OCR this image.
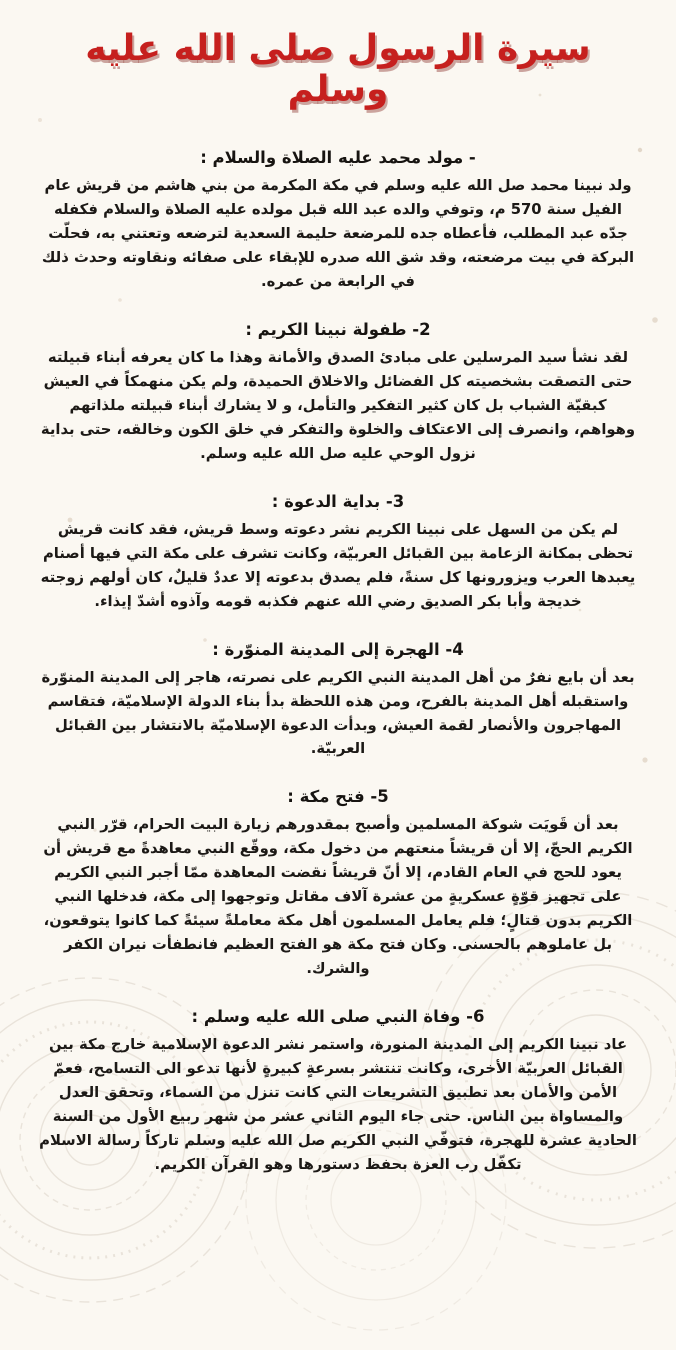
سيرة الرسول صلى الله عليه وسلم
- مولد محمد عليه الصلاة والسلام :

ولد نبينا محمد صل الله عليه وسلم في مكة المكرمة من بني هاشم من قريش عام الفيل سنة 570 م، وتوفي والده عبد الله قبل مولده عليه الصلاة والسلام فكفله جدّه عبد المطلب، فأعطاه جده للمرضعة حليمة السعدية لترضعه وتعتني به، فحلّت البركة في بيت مرضعته، وقد شق الله صدره للإبقاء على صفائه ونقاوته وحدث ذلك في الرابعة من عمره.

2- طفولة نبينا الكريم :

لقد نشأ سيد المرسلين على مبادئ الصدق والأمانة وهذا ما كان يعرفه أبناء قبيلته حتى التصقت بشخصيته كل الفضائل والاخلاق الحميدة، ولم يكن منهمكاً في العيش كبقيّة الشباب بل كان كثير التفكير والتأمل، و لا يشارك أبناء قبيلته ملذاتهم وهواهم، وانصرف إلى الاعتكاف والخلوة والتفكر في خلق الكون وخالقه، حتى بداية نزول الوحي عليه صل الله عليه وسلم.

3- بداية الدعوة :

لم يكن من السهل على نبينا الكريم نشر دعوته وسط قريش، فقد كانت قريش تحظى بمكانة الزعامة بين القبائل العربيّة، وكانت تشرف على مكة التي فيها أصنام يعبدها العرب ويزورونها كل سنةً، فلم يصدق بدعوته إلا عددٌ قليلٌ، كان أولهم زوجته خديجة وأبا بكر الصديق رضي الله عنهم فكذبه قومه وآذوه أشدّ إيذاء.

4- الهجرة إلى المدينة المنوّرة :

بعد أن بايع نفرٌ من أهل المدينة النبي الكريم على نصرته، هاجر إلى المدينة المنوّرة واستقبله أهل المدينة بالفرح، ومن هذه اللحظة بدأ بناء الدولة الإسلاميّة، فتقاسم المهاجرون والأنصار لقمة العيش، وبدأت الدعوة الإسلاميّة بالانتشار بين القبائل العربيّة.

5- فتح مكة :

بعد أن قَويَت شوكة المسلمين وأصبح بمقدورهم زيارة البيت الحرام، قرّر النبي الكريم الحجّ، إلا أن قريشاً منعتهم من دخول مكة، ووقّع النبي معاهدةً مع قريش أن يعود للحج في العام القادم، إلا أنّ قريشاً نقضت المعاهدة ممّا أجبر النبي الكريم على تجهيز قوّةٍ عسكريةٍ من عشرة آلاف مقاتل وتوجهوا إلى مكة، فدخلها النبي الكريم بدون قتالٍ؛ فلم يعامل المسلمون أهل مكة معاملةً سيئةً كما كانوا يتوقعون، بل عاملوهم بالحسنى. وكان فتح مكة هو الفتح العظيم فانطفأت نيران الكفر والشرك.

6- وفاة النبي صلى الله عليه وسلم :

عاد نبينا الكريم إلى المدينة المنورة، واستمر نشر الدعوة الإسلامية خارج مكة بين القبائل العربيّة الأخرى، وكانت تنتشر بسرعةٍ كبيرةٍ لأنها تدعو الى التسامح، فعمّ الأمن والأمان بعد تطبيق التشريعات التي كانت تنزل من السماء، وتحقق العدل والمساواة بين الناس. حتى جاء اليوم الثاني عشر من شهر ربيع الأول من السنة الحادية عشرة للهجرة، فتوفّي النبي الكريم صل الله عليه وسلم تاركاً رسالة الاسلام تكفّل رب العزة بحفظ دستورها وهو القرآن الكريم.
